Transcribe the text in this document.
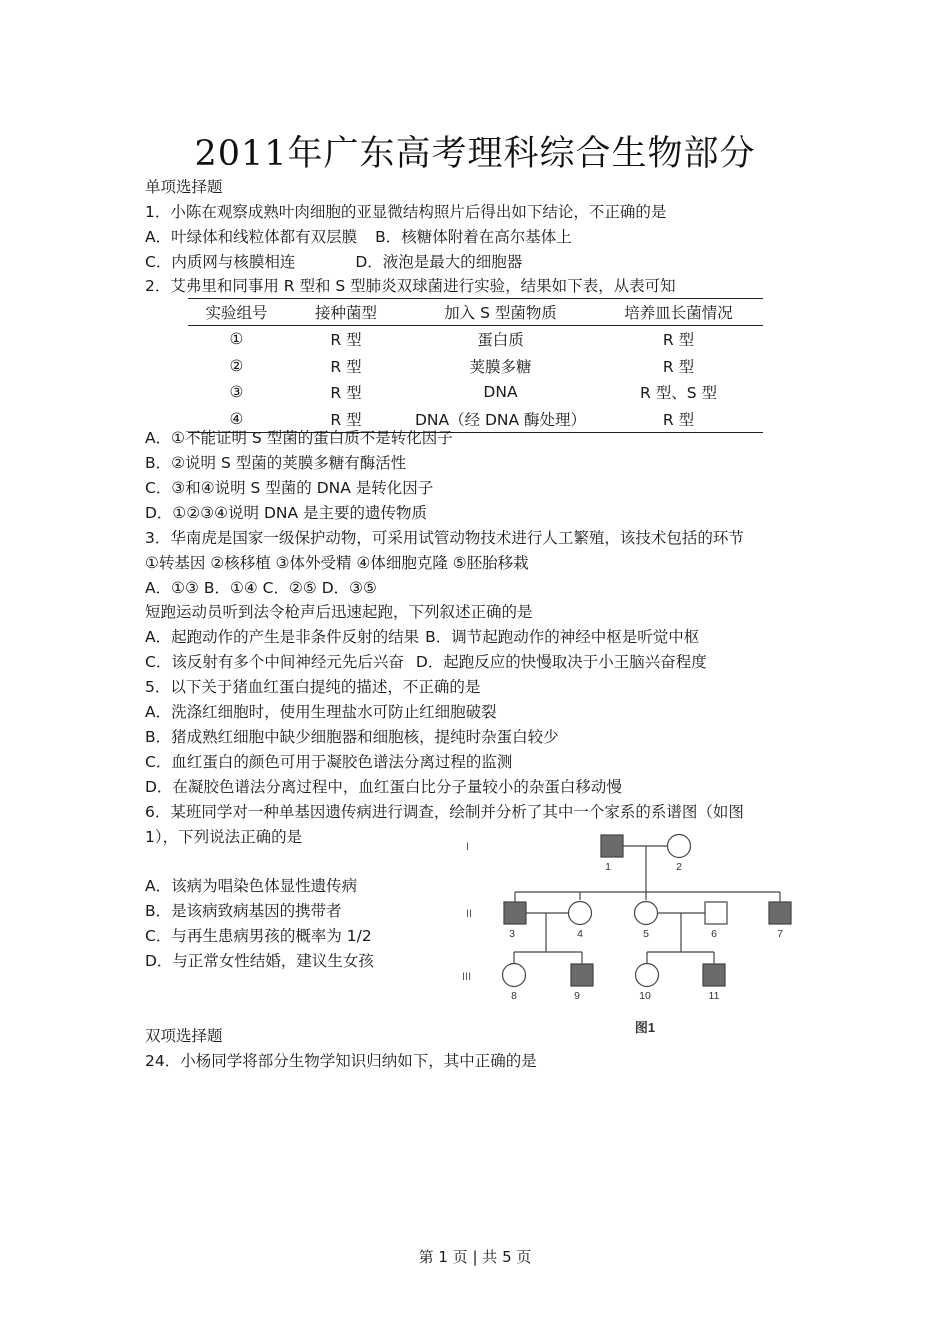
2011年广东高考理科综合生物部分
单项选择题
1．小陈在观察成熟叶肉细胞的亚显微结构照片后得出如下结论，不正确的是
A．叶绿体和线粒体都有双层膜 B．核糖体附着在高尔基体上
C．内质网与核膜相连	D．液泡是最大的细胞器
2．艾弗里和同事用 R 型和 S 型肺炎双球菌进行实验，结果如下表，从表可知
实验组号	接种菌型	加入 S 型菌物质	培养皿长菌情况
①	R 型	蛋白质	R 型
②	R 型	荚膜多糖	R 型
③	R 型	DNA	R 型、S 型
④	R 型	DNA（经 DNA 酶处理）	R 型
A．①不能证明 S 型菌的蛋白质不是转化因子
B．②说明 S 型菌的荚膜多糖有酶活性
C．③和④说明 S 型菌的 DNA 是转化因子
D．①②③④说明 DNA 是主要的遗传物质
3．华南虎是国家一级保护动物，可采用试管动物技术进行人工繁殖，该技术包括的环节
①转基因 ②核移植 ③体外受精 ④体细胞克隆 ⑤胚胎移栽
A．①③ B．①④ C．②⑤ D．③⑤
短跑运动员听到法令枪声后迅速起跑，下列叙述正确的是
A．起跑动作的产生是非条件反射的结果 B．调节起跑动作的神经中枢是听觉中枢
C．该反射有多个中间神经元先后兴奋 D．起跑反应的快慢取决于小王脑兴奋程度
5．以下关于猪血红蛋白提纯的描述，不正确的是
A．洗涤红细胞时，使用生理盐水可防止红细胞破裂
B．猪成熟红细胞中缺少细胞器和细胞核，提纯时杂蛋白较少
C．血红蛋白的颜色可用于凝胶色谱法分离过程的监测
D．在凝胶色谱法分离过程中，血红蛋白比分子量较小的杂蛋白移动慢
6．某班同学对一种单基因遗传病进行调查，绘制并分析了其中一个家系的系谱图（如图
1），下列说法正确的是
A．该病为唱染色体显性遗传病
B．是该病致病基因的携带者
C．与再生患病男孩的概率为 1/2
D．与正常女性结婚，建议生女孩
I
II
III
1	2
3	4	5	6	7
8	9	10	11
图1
双项选择题
24．小杨同学将部分生物学知识归纳如下，其中正确的是
第 1 页 | 共 5 页
